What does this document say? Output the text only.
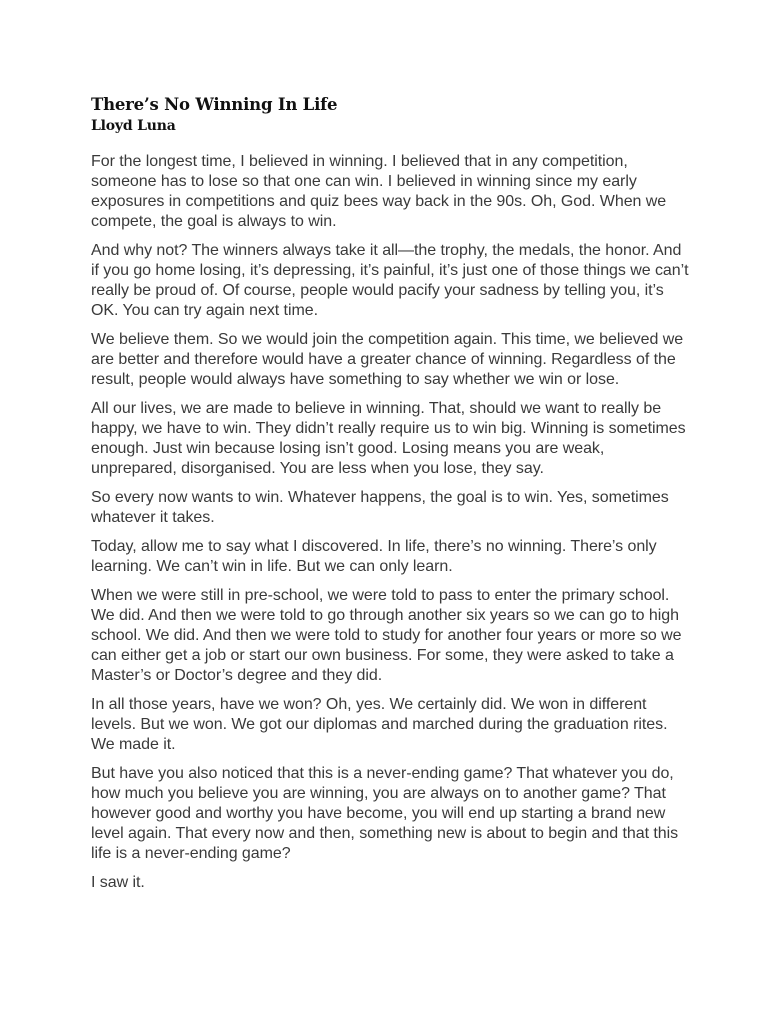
There’s No Winning In Life
Lloyd Luna

For the longest time, I believed in winning. I believed that in any competition, someone has to lose so that one can win. I believed in winning since my early exposures in competitions and quiz bees way back in the 90s. Oh, God. When we compete, the goal is always to win.

And why not? The winners always take it all—the trophy, the medals, the honor. And if you go home losing, it’s depressing, it’s painful, it’s just one of those things we can’t really be proud of. Of course, people would pacify your sadness by telling you, it’s OK. You can try again next time.

We believe them. So we would join the competition again. This time, we believed we are better and therefore would have a greater chance of winning. Regardless of the result, people would always have something to say whether we win or lose.

All our lives, we are made to believe in winning. That, should we want to really be happy, we have to win. They didn’t really require us to win big. Winning is sometimes enough. Just win because losing isn’t good. Losing means you are weak, unprepared, disorganised. You are less when you lose, they say.

So every now wants to win. Whatever happens, the goal is to win. Yes, sometimes whatever it takes.

Today, allow me to say what I discovered. In life, there’s no winning. There’s only learning. We can’t win in life. But we can only learn.

When we were still in pre-school, we were told to pass to enter the primary school. We did. And then we were told to go through another six years so we can go to high school. We did. And then we were told to study for another four years or more so we can either get a job or start our own business. For some, they were asked to take a Master’s or Doctor’s degree and they did.

In all those years, have we won? Oh, yes. We certainly did. We won in different levels. But we won. We got our diplomas and marched during the graduation rites. We made it.

But have you also noticed that this is a never-ending game? That whatever you do, how much you believe you are winning, you are always on to another game? That however good and worthy you have become, you will end up starting a brand new level again. That every now and then, something new is about to begin and that this life is a never-ending game?

I saw it.
